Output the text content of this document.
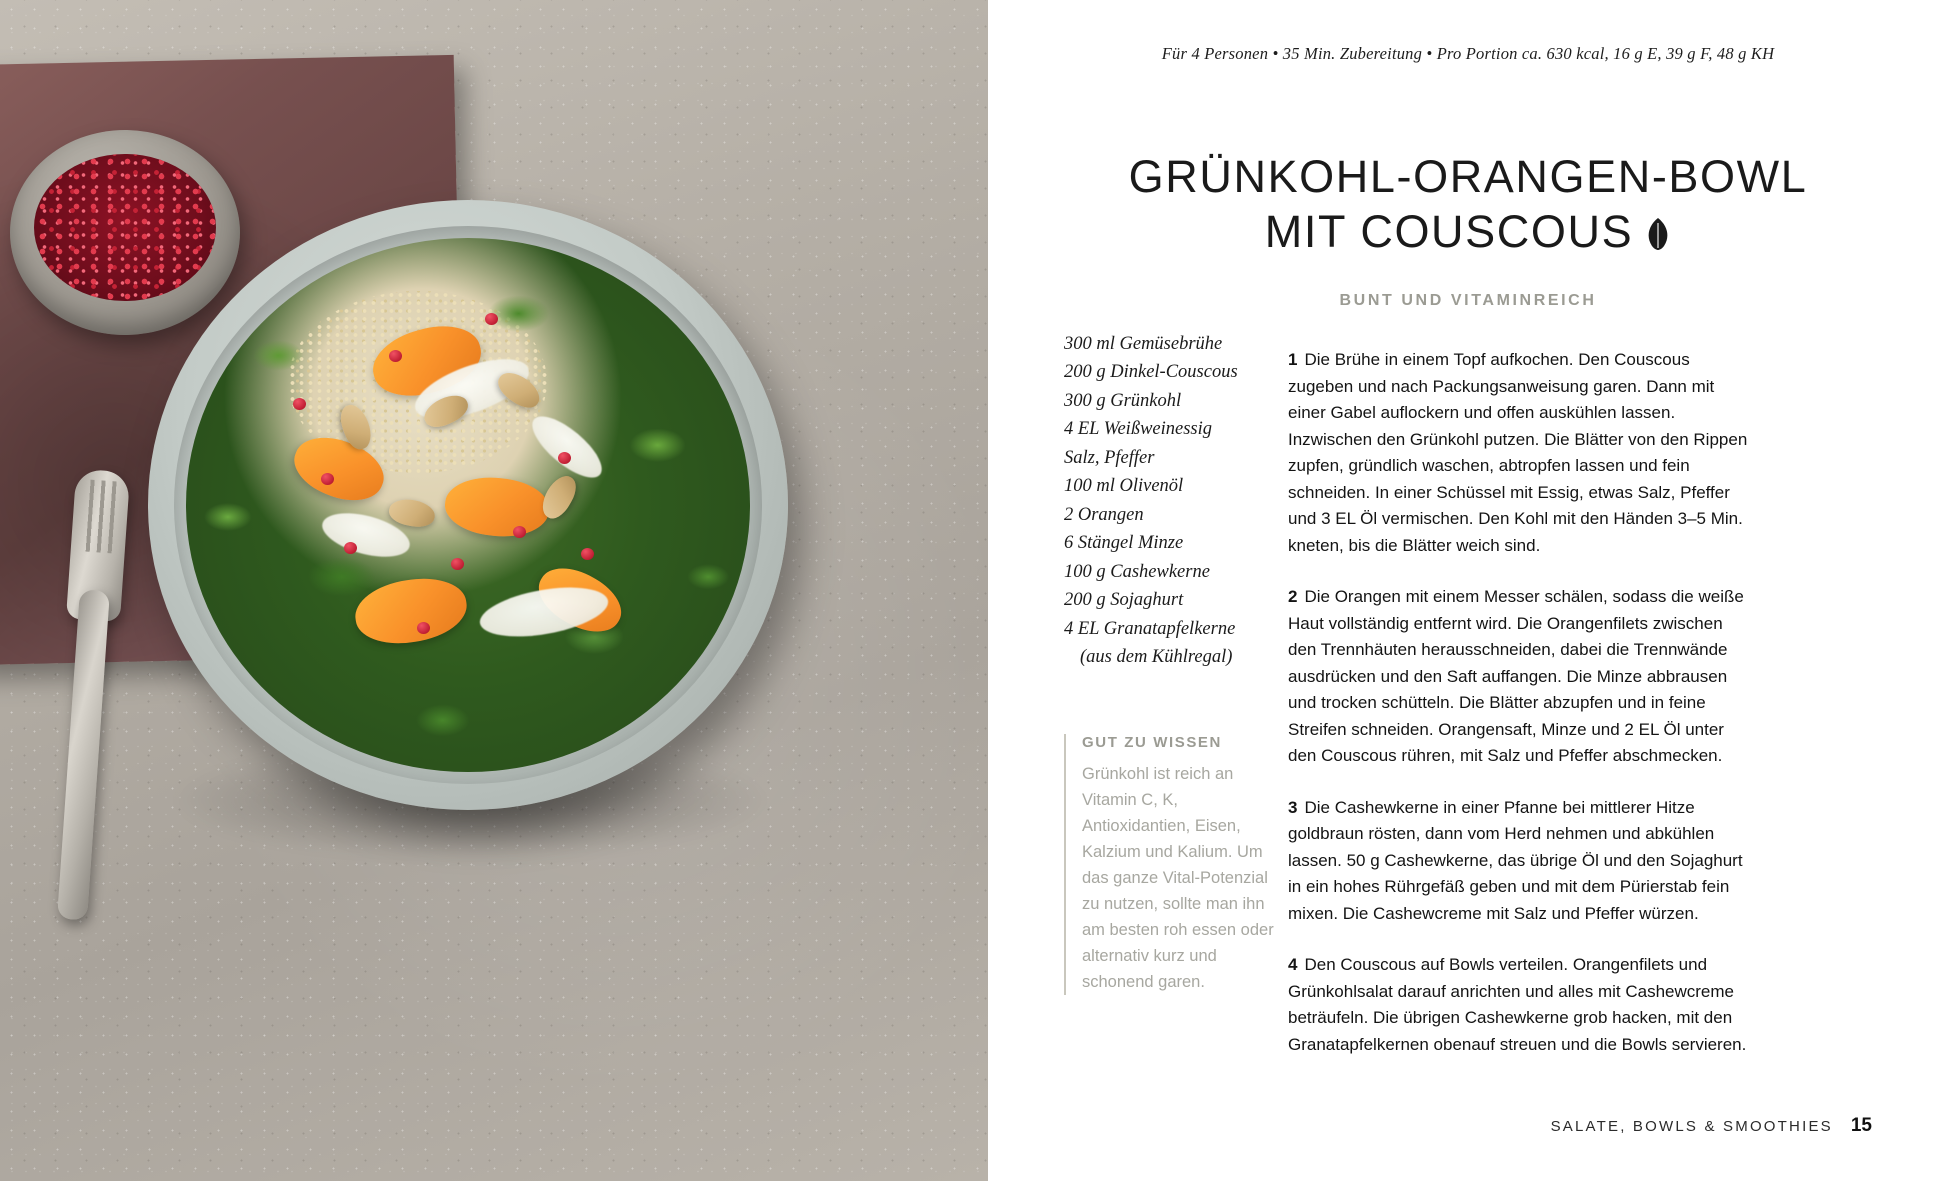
Für 4 Personen • 35 Min. Zubereitung • Pro Portion ca. 630 kcal, 16 g E, 39 g F, 48 g KH
GRÜNKOHL-ORANGEN-BOWL
MIT COUSCOUS
BUNT UND VITAMINREICH
300 ml Gemüsebrühe
200 g Dinkel-Couscous
300 g Grünkohl
4 EL Weißweinessig
Salz, Pfeffer
100 ml Olivenöl
2 Orangen
6 Stängel Minze
100 g Cashewkerne
200 g Sojaghurt
4 EL Granatapfelkerne
(aus dem Kühlregal)
GUT ZU WISSEN
Grünkohl ist reich an Vitamin C, K, Antioxidantien, Eisen, Kalzium und Kalium. Um das ganze Vital-Potenzial zu nutzen, sollte man ihn am besten roh essen oder alternativ kurz und schonend garen.

1 Die Brühe in einem Topf aufkochen. Den Couscous zugeben und nach Packungsanweisung garen. Dann mit einer Gabel auflockern und offen auskühlen lassen. Inzwischen den Grünkohl putzen. Die Blätter von den Rippen zupfen, gründlich waschen, abtropfen lassen und fein schneiden. In einer Schüssel mit Essig, etwas Salz, Pfeffer und 3 EL Öl vermischen. Den Kohl mit den Händen 3–5 Min. kneten, bis die Blätter weich sind.

2 Die Orangen mit einem Messer schälen, sodass die weiße Haut vollständig entfernt wird. Die Orangenfilets zwischen den Trennhäuten herausschneiden, dabei die Trennwände ausdrücken und den Saft auffangen. Die Minze abbrausen und trocken schütteln. Die Blätter abzupfen und in feine Streifen schneiden. Orangensaft, Minze und 2 EL Öl unter den Couscous rühren, mit Salz und Pfeffer abschmecken.

3 Die Cashewkerne in einer Pfanne bei mittlerer Hitze goldbraun rösten, dann vom Herd nehmen und abkühlen lassen. 50 g Cashewkerne, das übrige Öl und den Sojaghurt in ein hohes Rührgefäß geben und mit dem Pürierstab fein mixen. Die Cashewcreme mit Salz und Pfeffer würzen.

4 Den Couscous auf Bowls verteilen. Orangenfilets und Grünkohlsalat darauf anrichten und alles mit Cashewcreme beträufeln. Die übrigen Cashewkerne grob hacken, mit den Granatapfelkernen obenauf streuen und die Bowls servieren.

SALATE, BOWLS & SMOOTHIES 15
